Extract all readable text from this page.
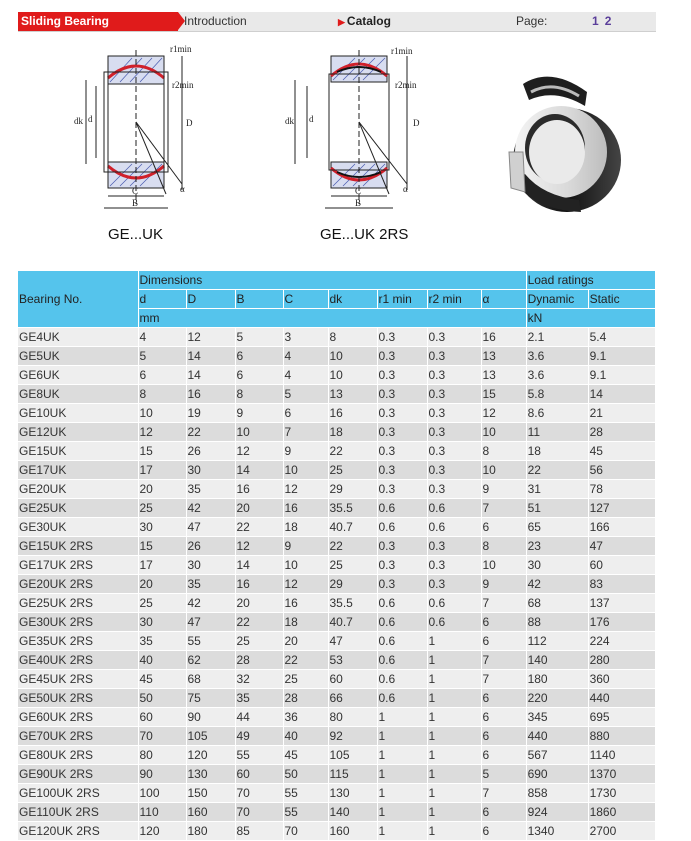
Sliding Bearing	Introduction	▶ Catalog	Page:	1 2
r1min
r2min
dk d	D
C
B
α
GE...UK
r1min
r2min
dk d	D
C
B
α
GE...UK 2RS
Bearing No.	Dimensions								Load ratings	
	d	D	B	C	dk	r1 min	r2 min	α	Dynamic	Static
	mm								kN	
GE4UK	4	12	5	3	8	0.3	0.3	16	2.1	5.4
GE5UK	5	14	6	4	10	0.3	0.3	13	3.6	9.1
GE6UK	6	14	6	4	10	0.3	0.3	13	3.6	9.1
GE8UK	8	16	8	5	13	0.3	0.3	15	5.8	14
GE10UK	10	19	9	6	16	0.3	0.3	12	8.6	21
GE12UK	12	22	10	7	18	0.3	0.3	10	11	28
GE15UK	15	26	12	9	22	0.3	0.3	8	18	45
GE17UK	17	30	14	10	25	0.3	0.3	10	22	56
GE20UK	20	35	16	12	29	0.3	0.3	9	31	78
GE25UK	25	42	20	16	35.5	0.6	0.6	7	51	127
GE30UK	30	47	22	18	40.7	0.6	0.6	6	65	166
GE15UK 2RS	15	26	12	9	22	0.3	0.3	8	23	47
GE17UK 2RS	17	30	14	10	25	0.3	0.3	10	30	60
GE20UK 2RS	20	35	16	12	29	0.3	0.3	9	42	83
GE25UK 2RS	25	42	20	16	35.5	0.6	0.6	7	68	137
GE30UK 2RS	30	47	22	18	40.7	0.6	0.6	6	88	176
GE35UK 2RS	35	55	25	20	47	0.6	1	6	112	224
GE40UK 2RS	40	62	28	22	53	0.6	1	7	140	280
GE45UK 2RS	45	68	32	25	60	0.6	1	7	180	360
GE50UK 2RS	50	75	35	28	66	0.6	1	6	220	440
GE60UK 2RS	60	90	44	36	80	1	1	6	345	695
GE70UK 2RS	70	105	49	40	92	1	1	6	440	880
GE80UK 2RS	80	120	55	45	105	1	1	6	567	1140
GE90UK 2RS	90	130	60	50	115	1	1	5	690	1370
GE100UK 2RS	100	150	70	55	130	1	1	7	858	1730
GE110UK 2RS	110	160	70	55	140	1	1	6	924	1860
GE120UK 2RS	120	180	85	70	160	1	1	6	1340	2700
